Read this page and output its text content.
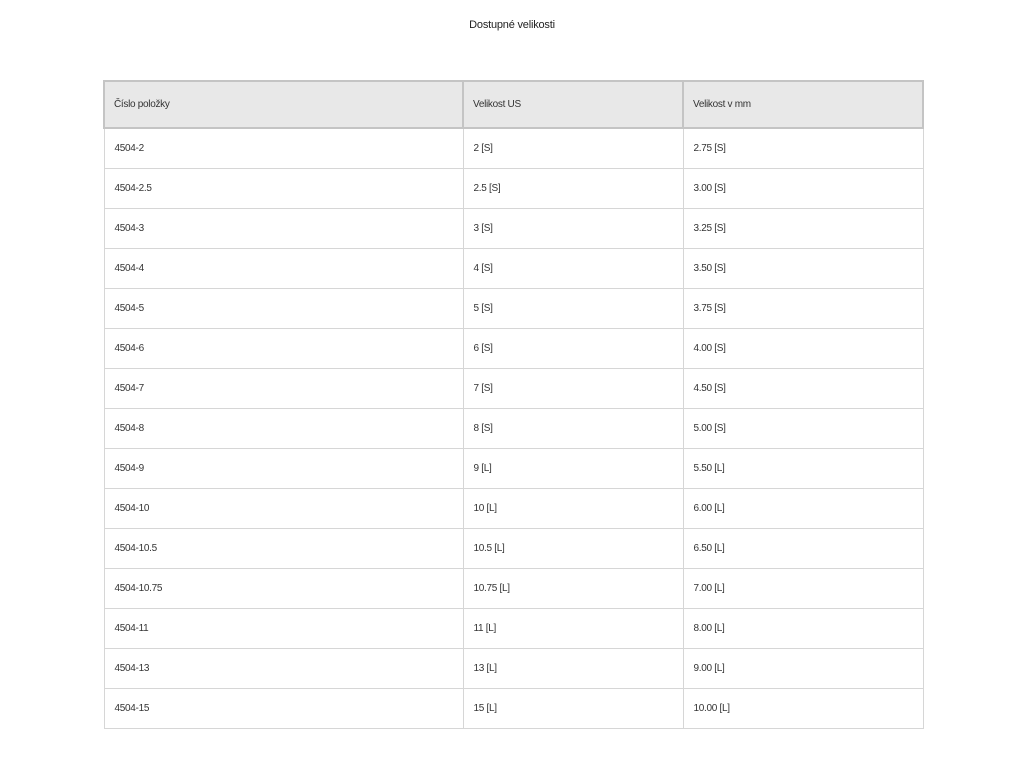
Dostupné velikosti
Číslo položky	Velikost US	Velikost v mm
4504-2	2 [S]	2.75 [S]
4504-2.5	2.5 [S]	3.00 [S]
4504-3	3 [S]	3.25 [S]
4504-4	4 [S]	3.50 [S]
4504-5	5 [S]	3.75 [S]
4504-6	6 [S]	4.00 [S]
4504-7	7 [S]	4.50 [S]
4504-8	8 [S]	5.00 [S]
4504-9	9 [L]	5.50 [L]
4504-10	10 [L]	6.00 [L]
4504-10.5	10.5 [L]	6.50 [L]
4504-10.75	10.75 [L]	7.00 [L]
4504-11	11 [L]	8.00 [L]
4504-13	13 [L]	9.00 [L]
4504-15	15 [L]	10.00 [L]
